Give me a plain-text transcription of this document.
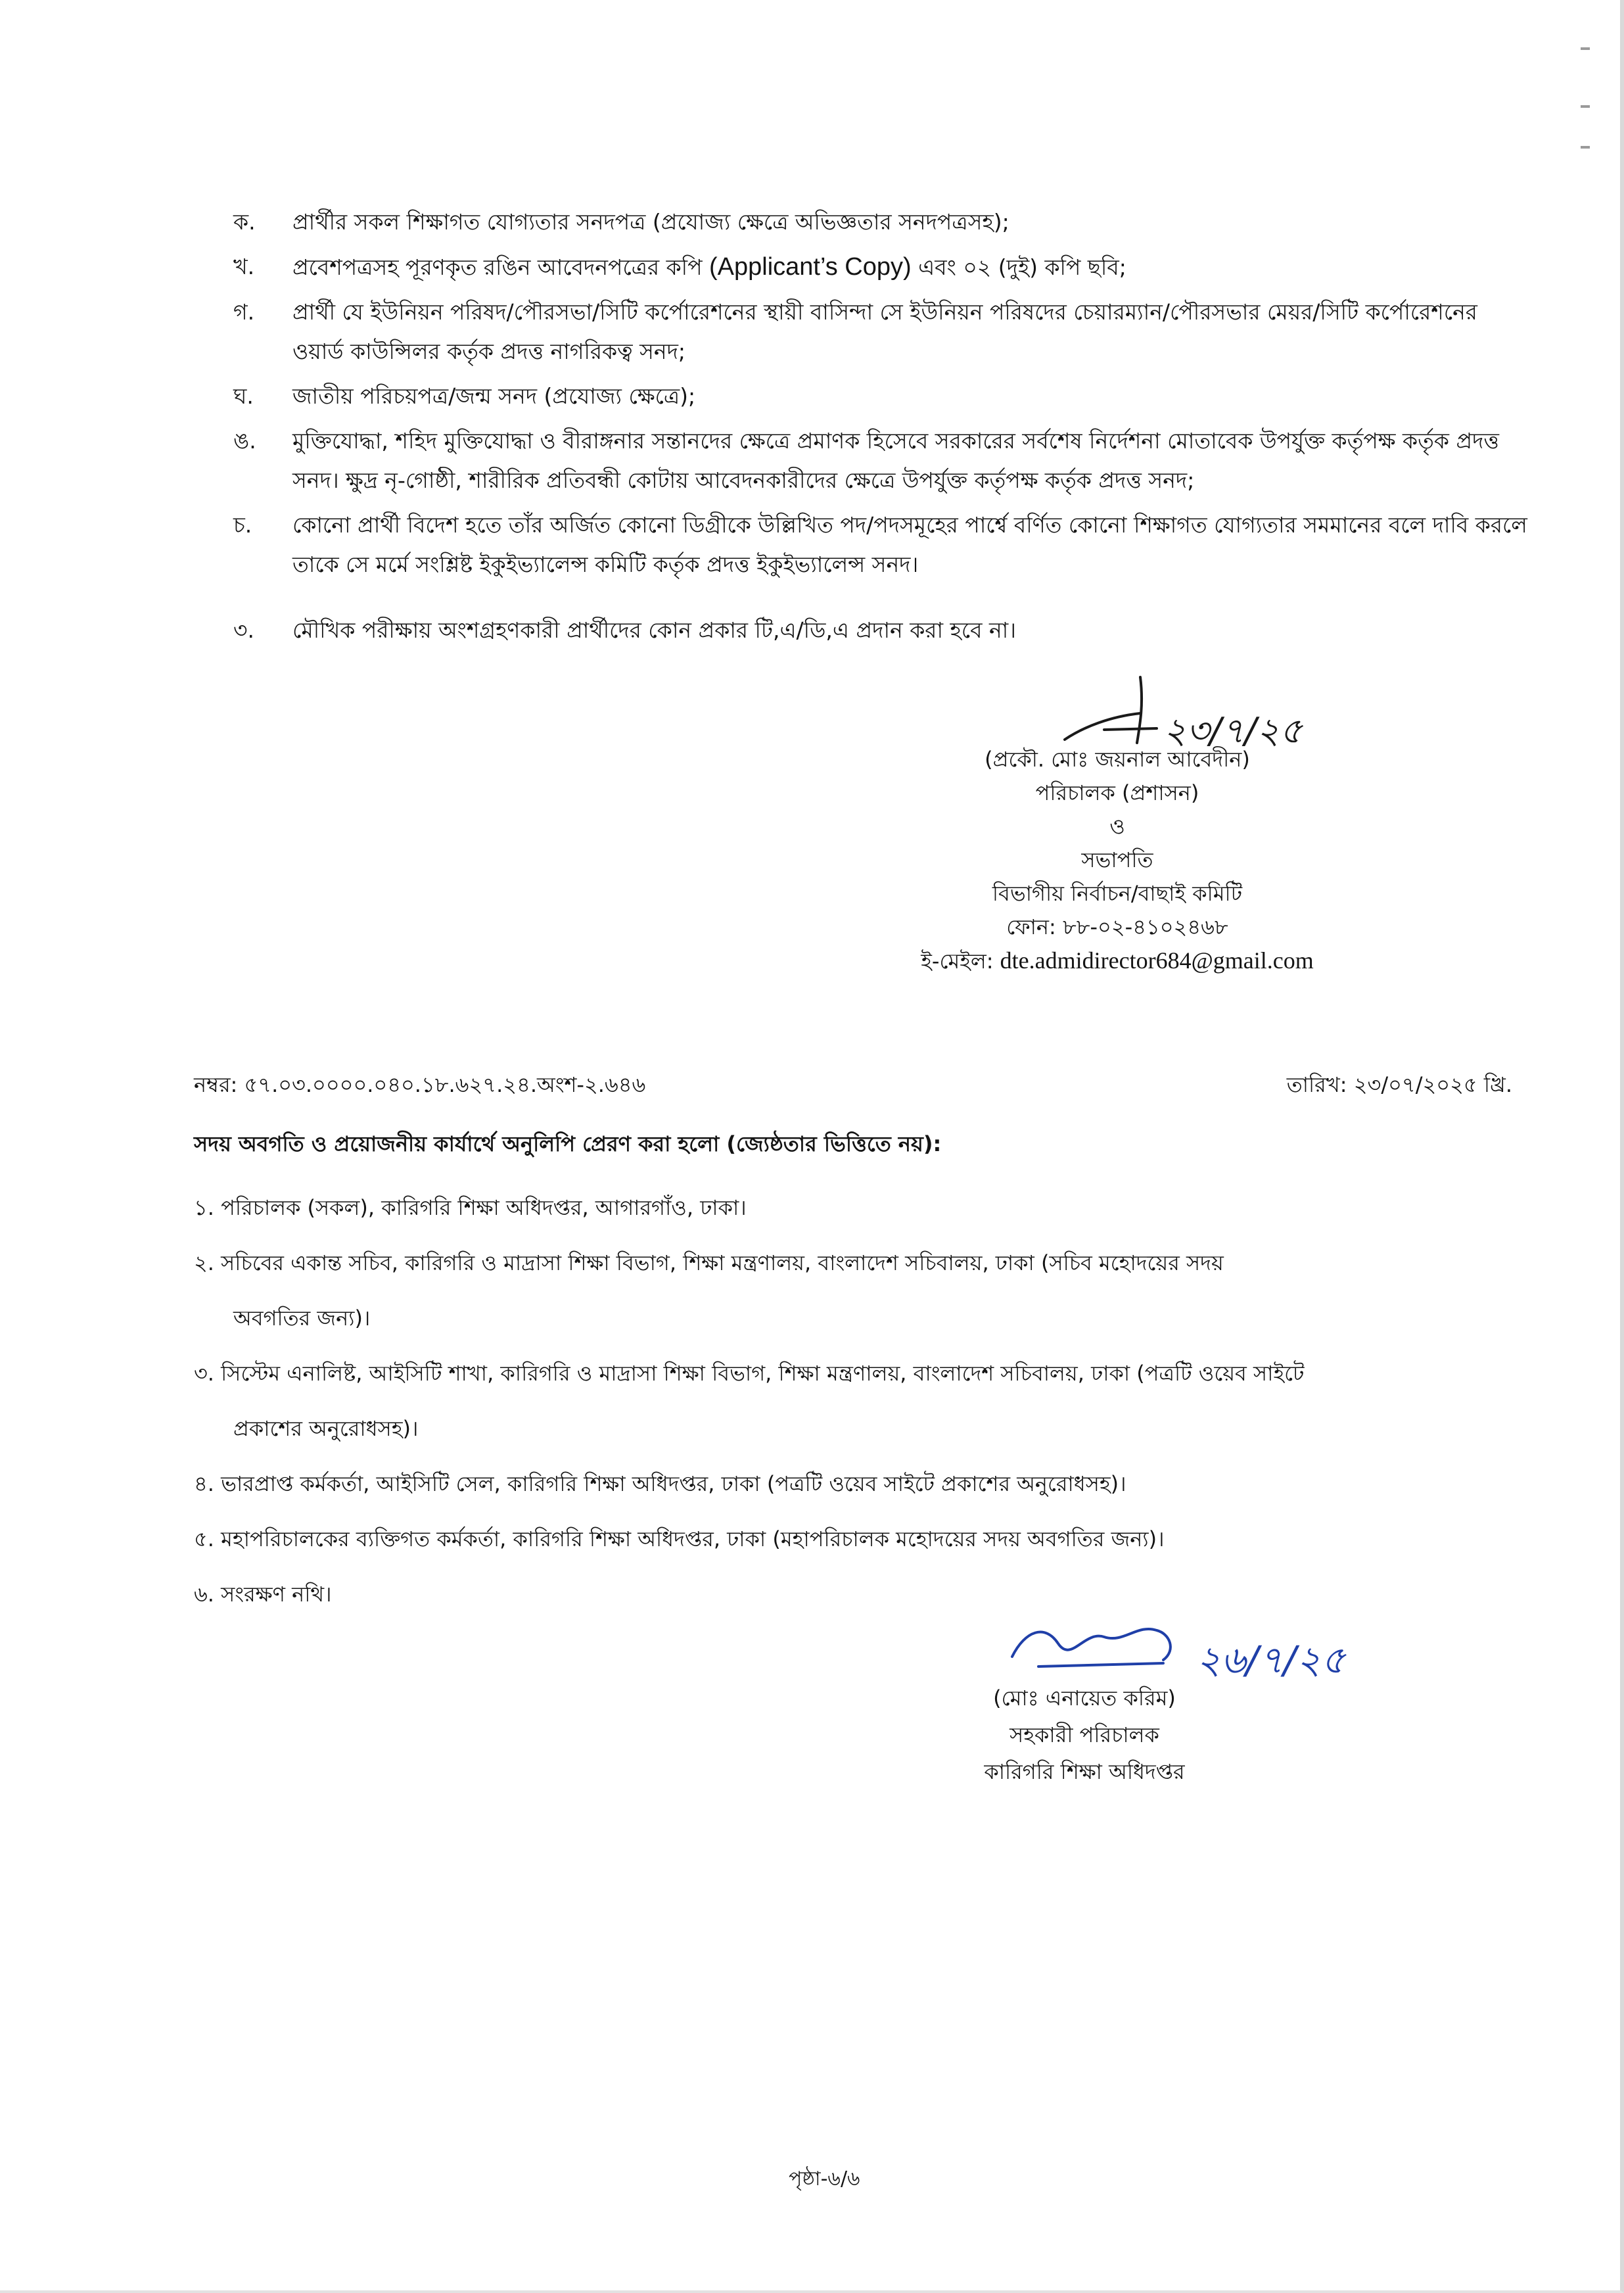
ক. প্রার্থীর সকল শিক্ষাগত যোগ্যতার সনদপত্র (প্রযোজ্য ক্ষেত্রে অভিজ্ঞতার সনদপত্রসহ);
খ. প্রবেশপত্রসহ পূরণকৃত রঙিন আবেদনপত্রের কপি (Applicant’s Copy) এবং ০২ (দুই) কপি ছবি;
গ. প্রার্থী যে ইউনিয়ন পরিষদ/পৌরসভা/সিটি কর্পোরেশনের স্থায়ী বাসিন্দা সে ইউনিয়ন পরিষদের চেয়ারম্যান/পৌরসভার মেয়র/সিটি কর্পোরেশনের ওয়ার্ড কাউন্সিলর কর্তৃক প্রদত্ত নাগরিকত্ব সনদ;
ঘ. জাতীয় পরিচয়পত্র/জন্ম সনদ (প্রযোজ্য ক্ষেত্রে);
ঙ. মুক্তিযোদ্ধা, শহিদ মুক্তিযোদ্ধা ও বীরাঙ্গনার সন্তানদের ক্ষেত্রে প্রমাণক হিসেবে সরকারের সর্বশেষ নির্দেশনা মোতাবেক উপর্যুক্ত কর্তৃপক্ষ কর্তৃক প্রদত্ত সনদ। ক্ষুদ্র নৃ-গোষ্ঠী, শারীরিক প্রতিবন্ধী কোটায় আবেদনকারীদের ক্ষেত্রে উপর্যুক্ত কর্তৃপক্ষ কর্তৃক প্রদত্ত সনদ;
চ. কোনো প্রার্থী বিদেশ হতে তাঁর অর্জিত কোনো ডিগ্রীকে উল্লিখিত পদ/পদসমূহের পার্শ্বে বর্ণিত কোনো শিক্ষাগত যোগ্যতার সমমানের বলে দাবি করলে তাকে সে মর্মে সংশ্লিষ্ট ইকুইভ্যালেন্স কমিটি কর্তৃক প্রদত্ত ইকুইভ্যালেন্স সনদ।
৩. মৌখিক পরীক্ষায় অংশগ্রহণকারী প্রার্থীদের কোন প্রকার টি,এ/ডি,এ প্রদান করা হবে না।
২৩/৭/২৫
(প্রকৌ. মোঃ জয়নাল আবেদীন)
পরিচালক (প্রশাসন)
ও
সভাপতি
বিভাগীয় নির্বাচন/বাছাই কমিটি
ফোন: ৮৮-০২-৪১০২৪৬৮
ই-মেইল: dte.admidirector684@gmail.com
নম্বর: ৫৭.০৩.০০০০.০৪০.১৮.৬২৭.২৪.অংশ-২.৬৪৬	তারিখ: ২৩/০৭/২০২৫ খ্রি.
সদয় অবগতি ও প্রয়োজনীয় কার্যার্থে অনুলিপি প্রেরণ করা হলো (জ্যেষ্ঠতার ভিত্তিতে নয়):
১. পরিচালক (সকল), কারিগরি শিক্ষা অধিদপ্তর, আগারগাঁও, ঢাকা।
২. সচিবের একান্ত সচিব, কারিগরি ও মাদ্রাসা শিক্ষা বিভাগ, শিক্ষা মন্ত্রণালয়, বাংলাদেশ সচিবালয়, ঢাকা (সচিব মহোদয়ের সদয়
অবগতির জন্য)।
৩. সিস্টেম এনালিষ্ট, আইসিটি শাখা, কারিগরি ও মাদ্রাসা শিক্ষা বিভাগ, শিক্ষা মন্ত্রণালয়, বাংলাদেশ সচিবালয়, ঢাকা (পত্রটি ওয়েব সাইটে
প্রকাশের অনুরোধসহ)।
৪. ভারপ্রাপ্ত কর্মকর্তা, আইসিটি সেল, কারিগরি শিক্ষা অধিদপ্তর, ঢাকা (পত্রটি ওয়েব সাইটে প্রকাশের অনুরোধসহ)।
৫. মহাপরিচালকের ব্যক্তিগত কর্মকর্তা, কারিগরি শিক্ষা অধিদপ্তর, ঢাকা (মহাপরিচালক মহোদয়ের সদয় অবগতির জন্য)।
৬. সংরক্ষণ নথি।
২৬/৭/২৫
(মোঃ এনায়েত করিম)
সহকারী পরিচালক
কারিগরি শিক্ষা অধিদপ্তর
পৃষ্ঠা-৬/৬
